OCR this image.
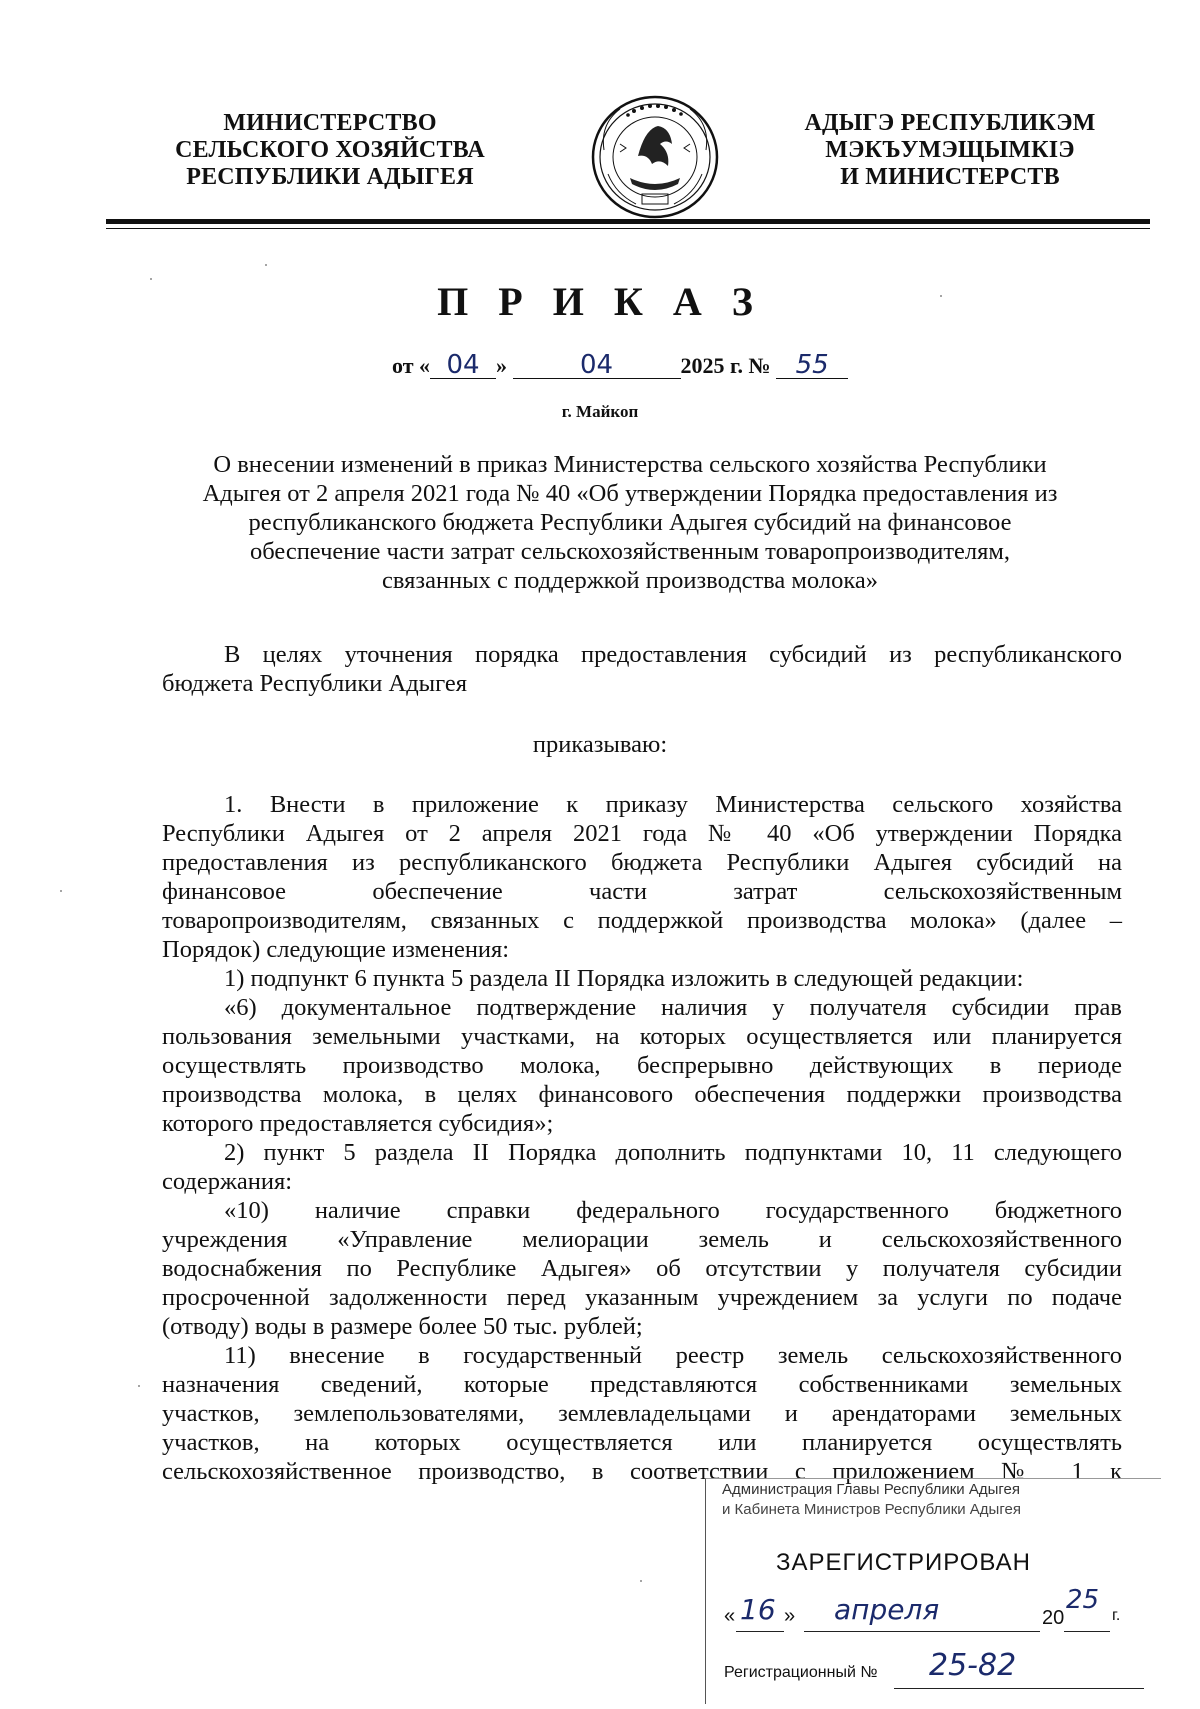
МИНИСТЕРСТВО
СЕЛЬСКОГО ХОЗЯЙСТВА
РЕСПУБЛИКИ АДЫГЕЯ
АДЫГЭ РЕСПУБЛИКЭМ
МЭКЪУМЭЩЫМКIЭ
И МИНИСТЕРСТВ
П Р И К А З
от « 04 »	04	2025 г. № 55
г. Майкоп
О внесении изменений в приказ Министерства сельского хозяйства Республики
Адыгея от 2 апреля 2021 года № 40 «Об утверждении Порядка предоставления из
республиканского бюджета Республики Адыгея субсидий на финансовое
обеспечение части затрат сельскохозяйственным товаропроизводителям,
связанных с поддержкой производства молока»
В целях уточнения порядка предоставления субсидий из республиканского
бюджета Республики Адыгея
приказываю:
1. Внести в приложение к приказу Министерства сельского хозяйства
Республики Адыгея от 2 апреля 2021 года № 40 «Об утверждении Порядка
предоставления из республиканского бюджета Республики Адыгея субсидий на
финансовое обеспечение части затрат сельскохозяйственным
товаропроизводителям, связанных с поддержкой производства молока» (далее –
Порядок) следующие изменения:
1) подпункт 6 пункта 5 раздела II Порядка изложить в следующей редакции:
«6) документальное подтверждение наличия у получателя субсидии прав
пользования земельными участками, на которых осуществляется или планируется
осуществлять производство молока, беспрерывно действующих в периоде
производства молока, в целях финансового обеспечения поддержки производства
которого предоставляется субсидия»;
2) пункт 5 раздела II Порядка дополнить подпунктами 10, 11 следующего
содержания:
«10) наличие справки федерального государственного бюджетного
учреждения «Управление мелиорации земель и сельскохозяйственного
водоснабжения по Республике Адыгея» об отсутствии у получателя субсидии
просроченной задолженности перед указанным учреждением за услуги по подаче
(отводу) воды в размере более 50 тыс. рублей;
11) внесение в государственный реестр земель сельскохозяйственного
назначения сведений, которые представляются собственниками земельных
участков, землепользователями, землевладельцами и арендаторами земельных
участков, на которых осуществляется или планируется осуществлять
сельскохозяйственное производство, в соответствии с приложением № 1 к
Администрация Главы Республики Адыгея
и Кабинета Министров Республики Адыгея
ЗАРЕГИСТРИРОВАН
« 16 » апреля	20
25
г.
Регистрационный № 25-82
